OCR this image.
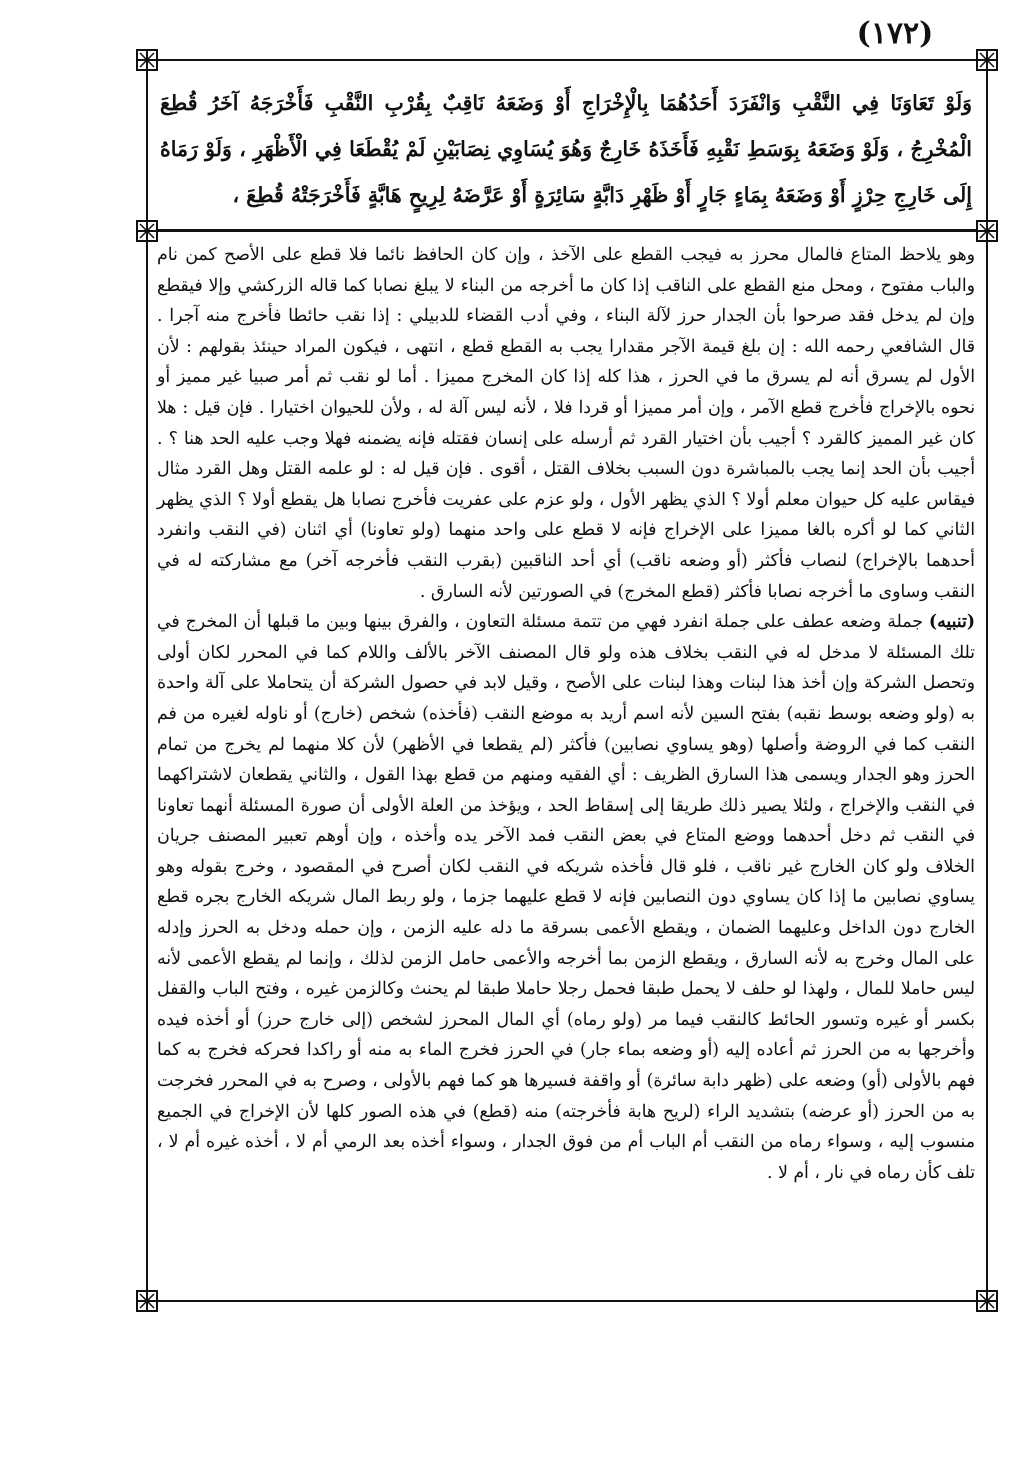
(۱۷۲)
وَلَوْ تَعَاوَنَا فِي النَّقْبِ وَانْفَرَدَ أَحَدُهُمَا بِالْإِخْرَاجِ أَوْ وَضَعَهُ نَاقِبٌ بِقُرْبِ النَّقْبِ فَأَخْرَجَهُ آخَرُ قُطِعَ الْمُخْرِجُ ، وَلَوْ وَضَعَهُ بِوَسَطِ نَقْبِهِ فَأَخَذَهُ خَارِجٌ وَهُوَ يُسَاوِي نِصَابَيْنِ لَمْ يُقْطَعَا فِي الْأَظْهَرِ ، وَلَوْ رَمَاهُ إِلَى خَارِجِ حِرْزٍ أَوْ وَضَعَهُ بِمَاءٍ جَارٍ أَوْ ظَهْرِ دَابَّةٍ سَائِرَةٍ أَوْ عَرَّضَهُ لِرِيحٍ هَابَّةٍ فَأَخْرَجَتْهُ قُطِعَ ،

وهو يلاحظ المتاع فالمال محرز به فيجب القطع على الآخذ ، وإن كان الحافظ نائما فلا قطع على الأصح كمن نام والباب مفتوح ، ومحل منع القطع على الناقب إذا كان ما أخرجه من البناء لا يبلغ نصابا كما قاله الزركشي وإلا فيقطع وإن لم يدخل فقد صرحوا بأن الجدار حرز لآلة البناء ، وفي أدب القضاء للدبيلي : إذا نقب حائطا فأخرج منه آجرا . قال الشافعي رحمه الله : إن بلغ قيمة الآجر مقدارا يجب به القطع قطع ، انتهى ، فيكون المراد حينئذ بقولهم : لأن الأول لم يسرق أنه لم يسرق ما في الحرز ، هذا كله إذا كان المخرج مميزا . أما لو نقب ثم أمر صبيا غير مميز أو نحوه بالإخراج فأخرج قطع الآمر ، وإن أمر مميزا أو قردا فلا ، لأنه ليس آلة له ، ولأن للحيوان اختيارا . فإن قيل : هلا كان غير المميز كالقرد ؟ أجيب بأن اختيار القرد ثم أرسله على إنسان فقتله فإنه يضمنه فهلا وجب عليه الحد هنا ؟ . أجيب بأن الحد إنما يجب بالمباشرة دون السبب بخلاف القتل ، أقوى . فإن قيل له : لو علمه القتل وهل القرد مثال فيقاس عليه كل حيوان معلم أولا ؟ الذي يظهر الأول ، ولو عزم على عفريت فأخرج نصابا هل يقطع أولا ؟ الذي يظهر الثاني كما لو أكره بالغا مميزا على الإخراج فإنه لا قطع على واحد منهما (ولو تعاونا) أي اثنان (في النقب وانفرد أحدهما بالإخراج) لنصاب فأكثر (أو وضعه ناقب) أي أحد الناقبين (بقرب النقب فأخرجه آخر) مع مشاركته له في النقب وساوى ما أخرجه نصابا فأكثر (قطع المخرج) في الصورتين لأنه السارق .

(تنبيه) جملة وضعه عطف على جملة انفرد فهي من تتمة مسئلة التعاون ، والفرق بينها وبين ما قبلها أن المخرج في تلك المسئلة لا مدخل له في النقب بخلاف هذه ولو قال المصنف الآخر بالألف واللام كما في المحرر لكان أولى وتحصل الشركة وإن أخذ هذا لبنات وهذا لبنات على الأصح ، وقيل لابد في حصول الشركة أن يتحاملا على آلة واحدة به (ولو وضعه بوسط نقبه) بفتح السين لأنه اسم أريد به موضع النقب (فأخذه) شخص (خارج) أو ناوله لغيره من فم النقب كما في الروضة وأصلها (وهو يساوي نصابين) فأكثر (لم يقطعا في الأظهر) لأن كلا منهما لم يخرج من تمام الحرز وهو الجدار ويسمى هذا السارق الظريف : أي الفقيه ومنهم من قطع بهذا القول ، والثاني يقطعان لاشتراكهما في النقب والإخراج ، ولئلا يصير ذلك طريقا إلى إسقاط الحد ، ويؤخذ من العلة الأولى أن صورة المسئلة أنهما تعاونا في النقب ثم دخل أحدهما ووضع المتاع في بعض النقب فمد الآخر يده وأخذه ، وإن أوهم تعبير المصنف جريان الخلاف ولو كان الخارج غير ناقب ، فلو قال فأخذه شريكه في النقب لكان أصرح في المقصود ، وخرج بقوله وهو يساوي نصابين ما إذا كان يساوي دون النصابين فإنه لا قطع عليهما جزما ، ولو ربط المال شريكه الخارج بجره قطع الخارج دون الداخل وعليهما الضمان ، ويقطع الأعمى بسرقة ما دله عليه الزمن ، وإن حمله ودخل به الحرز وإدله على المال وخرج به لأنه السارق ، ويقطع الزمن بما أخرجه والأعمى حامل الزمن لذلك ، وإنما لم يقطع الأعمى لأنه ليس حاملا للمال ، ولهذا لو حلف لا يحمل طبقا فحمل رجلا حاملا طبقا لم يحنث وكالزمن غيره ، وفتح الباب والقفل بكسر أو غيره وتسور الحائط كالنقب فيما مر (ولو رماه) أي المال المحرز لشخص (إلى خارج حرز) أو أخذه فيده وأخرجها به من الحرز ثم أعاده إليه (أو وضعه بماء جار) في الحرز فخرج الماء به منه أو راكدا فحركه فخرج به كما فهم بالأولى (أو) وضعه على (ظهر دابة سائرة) أو واقفة فسيرها هو كما فهم بالأولى ، وصرح به في المحرر فخرجت به من الحرز (أو عرضه) بتشديد الراء (لريح هابة فأخرجته) منه (قطع) في هذه الصور كلها لأن الإخراج في الجميع منسوب إليه ، وسواء رماه من النقب أم الباب أم من فوق الجدار ، وسواء أخذه بعد الرمي أم لا ، أخذه غيره أم لا ، تلف كأن رماه في نار ، أم لا .
